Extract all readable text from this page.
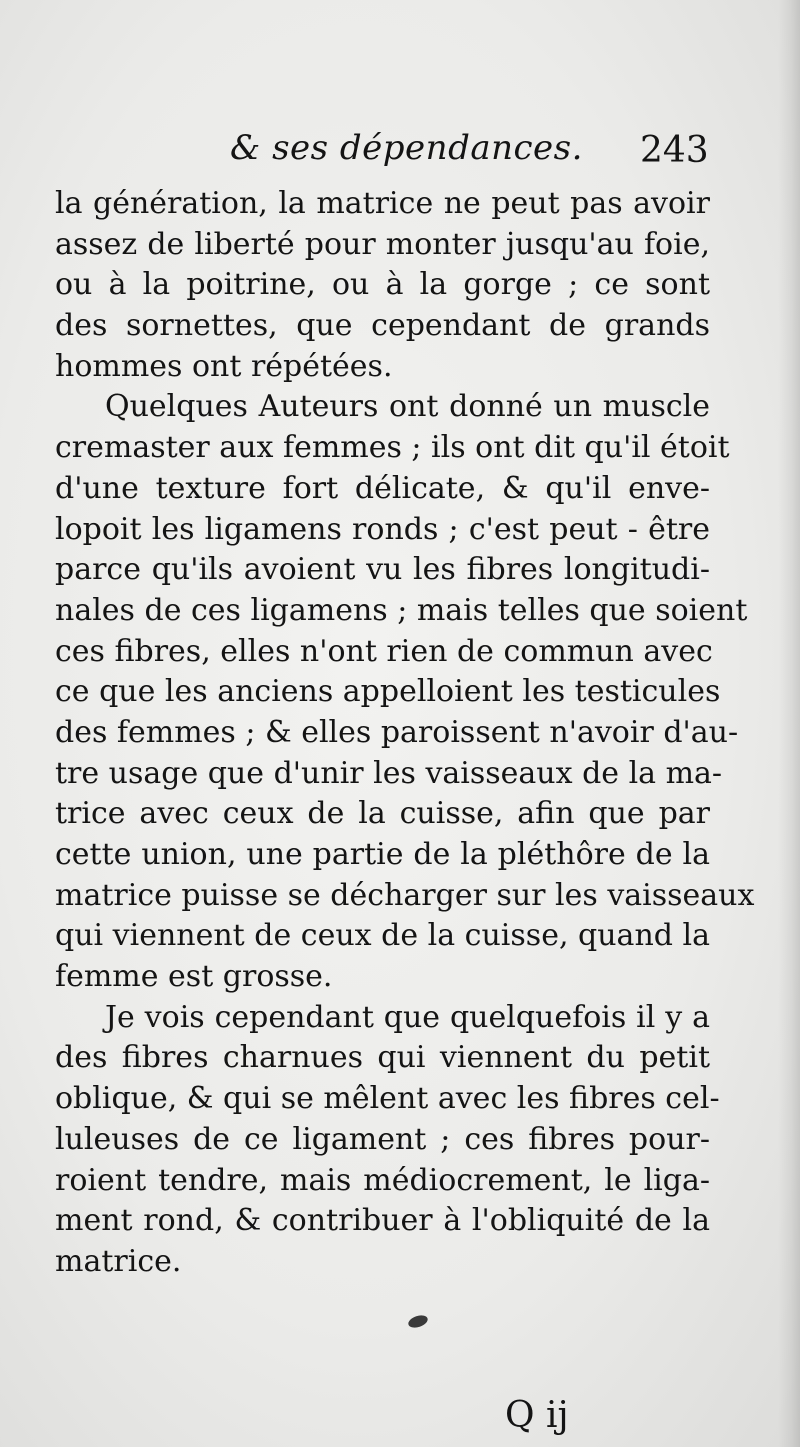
& ses dépendances. 243
la génération, la matrice ne peut pas avoir
assez de liberté pour monter jusqu'au foie,
ou à la poitrine, ou à la gorge ; ce sont
des sornettes, que cependant de grands
hommes ont répétées.
Quelques Auteurs ont donné un muscle
cremaster aux femmes ; ils ont dit qu'il étoit
d'une texture fort délicate, & qu'il enve-
lopoit les ligamens ronds ; c'est peut - être
parce qu'ils avoient vu les fibres longitudi-
nales de ces ligamens ; mais telles que soient
ces fibres, elles n'ont rien de commun avec
ce que les anciens appelloient les testicules
des femmes ; & elles paroissent n'avoir d'au-
tre usage que d'unir les vaisseaux de la ma-
trice avec ceux de la cuisse, afin que par
cette union, une partie de la pléthôre de la
matrice puisse se décharger sur les vaisseaux
qui viennent de ceux de la cuisse, quand la
femme est grosse.
Je vois cependant que quelquefois il y a
des fibres charnues qui viennent du petit
oblique, & qui se mêlent avec les fibres cel-
luleuses de ce ligament ; ces fibres pour-
roient tendre, mais médiocrement, le liga-
ment rond, & contribuer à l'obliquité de la
matrice.
Q ij
